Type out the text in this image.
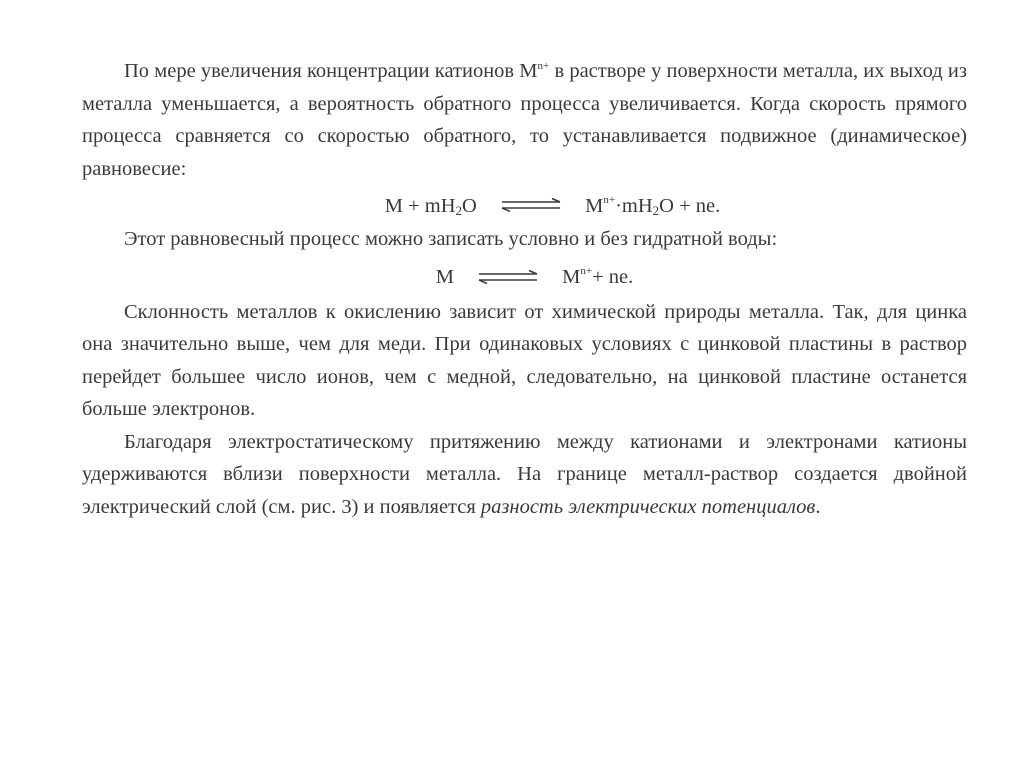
По мере увеличения концентрации катионов $М^{n+}$ в растворе у поверхности металла, их выход из металла уменьшается, а вероятность обратного процесса увеличивается. Когда скорость прямого процесса сравняется со скоростью обратного, то устанавливается подвижное (динамическое) равновесие:

$М + mH_2O$ ⇌ $М^{n+}\cdot mH_2O$ + ne.

Этот равновесный процесс можно записать условно и без гидратной воды:

М ⇌ $М^{n+}+$ ne.

Склонность металлов к окислению зависит от химической природы металла. Так, для цинка она значительно выше, чем для меди. При одинаковых условиях с цинковой пластины в раствор перейдет большее число ионов, чем с медной, следовательно, на цинковой пластине останется больше электронов.

Благодаря электростатическому притяжению между катионами и электронами катионы удерживаются вблизи поверхности металла. На границе металл-раствор создается двойной электрический слой (см. рис. 3) и появляется разность электрических потенциалов.
